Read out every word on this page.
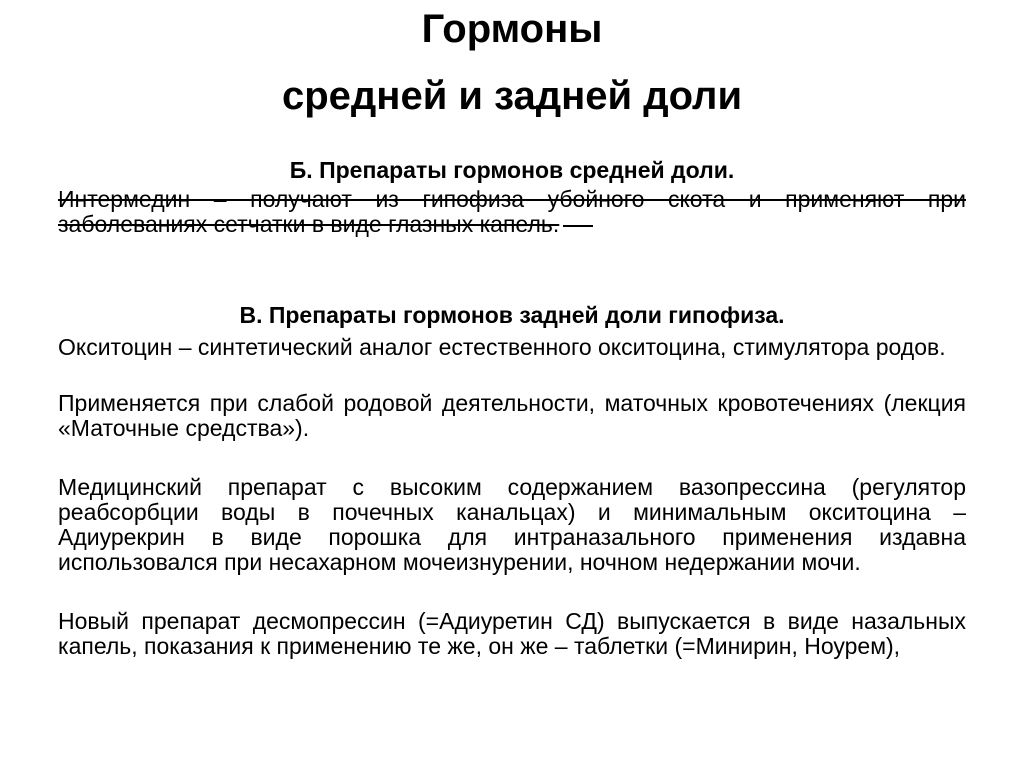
Гормоны
средней и задней доли
Б. Препараты гормонов средней доли.
Интермедин – получают из гипофиза убойного скота и применяют при заболеваниях сетчатки в виде глазных капель.
В. Препараты гормонов задней доли гипофиза.
Окситоцин – синтетический аналог естественного окситоцина, стимулятора родов.
Применяется при слабой родовой деятельности, маточных кровотечениях (лекция «Маточные средства»).
Медицинский препарат с высоким содержанием вазопрессина (регулятор реабсорбции воды в почечных канальцах) и минимальным окситоцина – Адиурекрин в виде порошка для интраназального применения издавна использовался при несахарном мочеизнурении, ночном недержании мочи.
Новый препарат десмопрессин (=Адиуретин СД) выпускается в виде назальных капель, показания к применению те же, он же – таблетки (=Минирин, Ноурем),
